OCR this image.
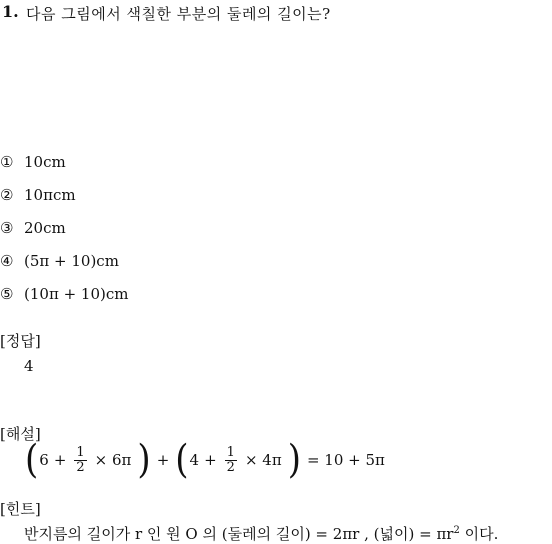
1. 다음 그림에서 색칠한 부분의 둘레의 길이는?
① 10cm
② 10πcm
③ 20cm
④ (5π + 10)cm
⑤ (10π + 10)cm
[정답]
4
[해설]
( $6 + \frac{1}{2} \times 6\pi$ ) + ( $4 + \frac{1}{2} \times 4\pi$ ) = 10 + 5π
[힌트]
반지름의 길이가 r 인 원 O 의 (둘레의 길이) = 2πr , (넓이) = $\pi r^2$ 이다.
